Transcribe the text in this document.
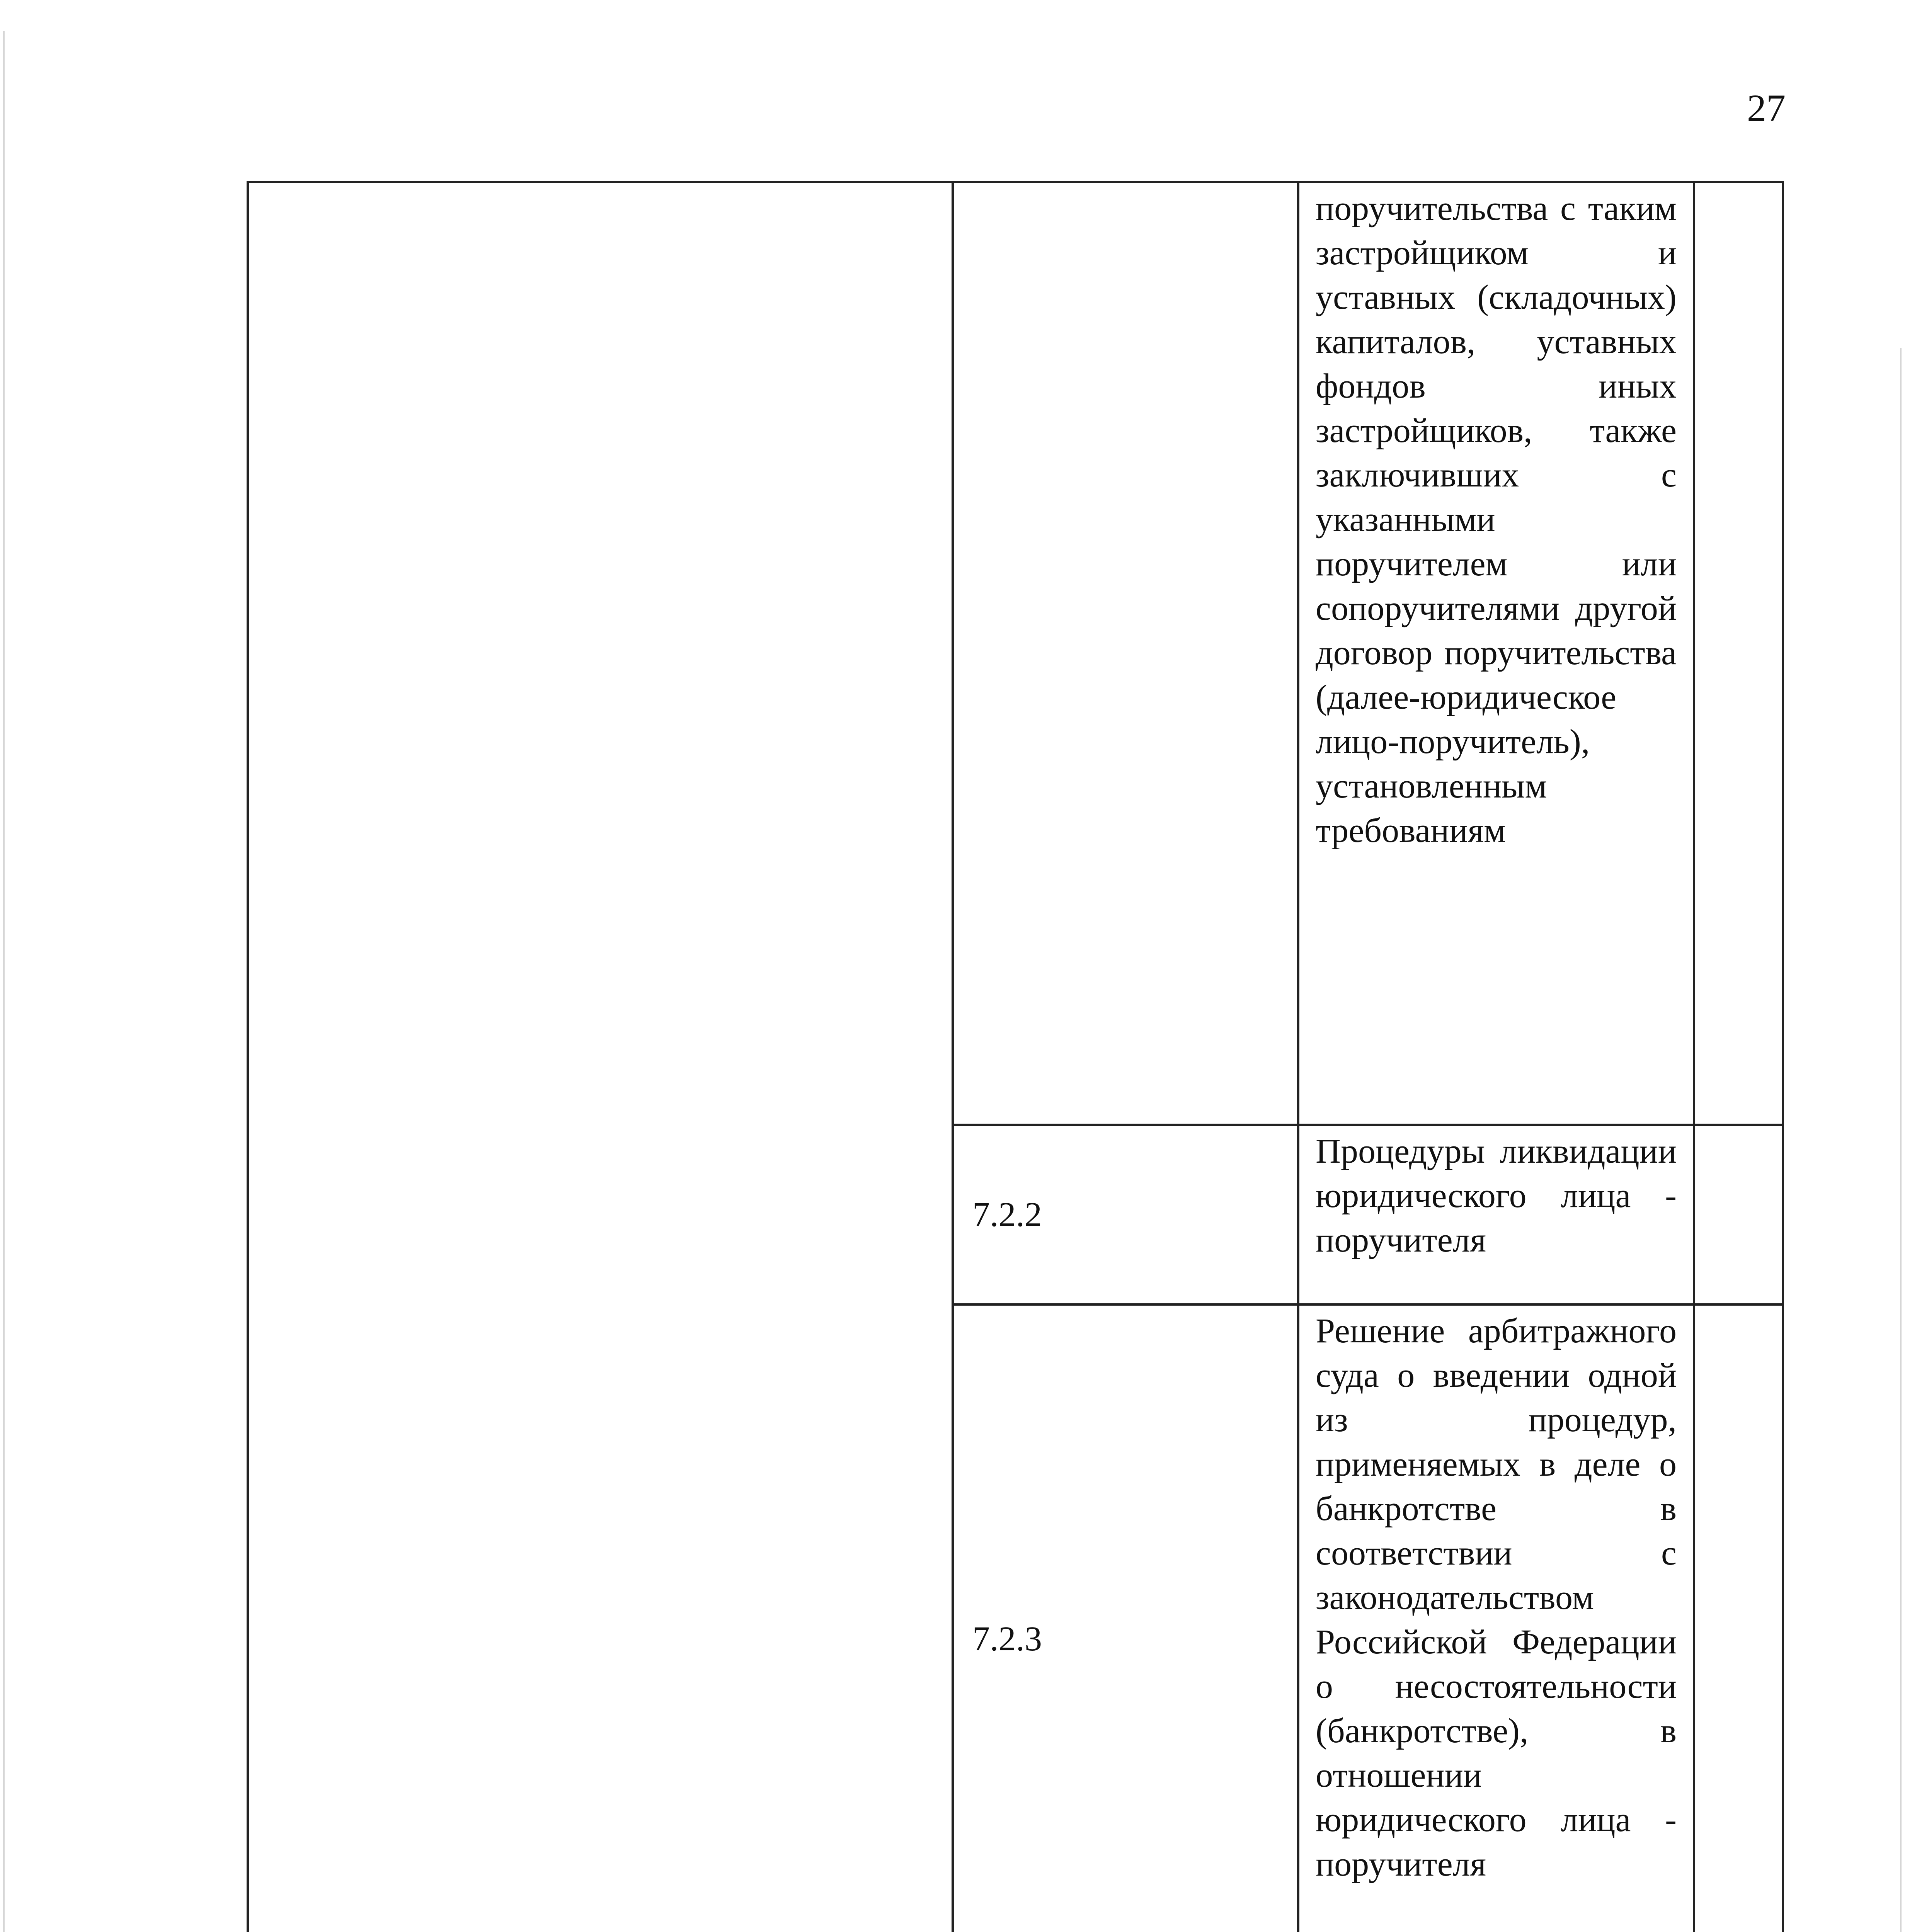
27
		поручительства с таким застройщиком и уставных (складочных) капиталов, уставных фондов иных застройщиков, также заключивших с указанными поручителем или сопоручителями другой договор поручительства (далее-юридическое лицо-поручитель), установленным требованиям	
	7.2.2	Процедуры ликвидации юридического лица - поручителя	
	7.2.3	Решение арбитражного суда о введении одной из процедур, применяемых в деле о банкротстве в соответствии с законодательством Российской Федерации о несостоятельности (банкротстве), в отношении юридического лица - поручителя	
